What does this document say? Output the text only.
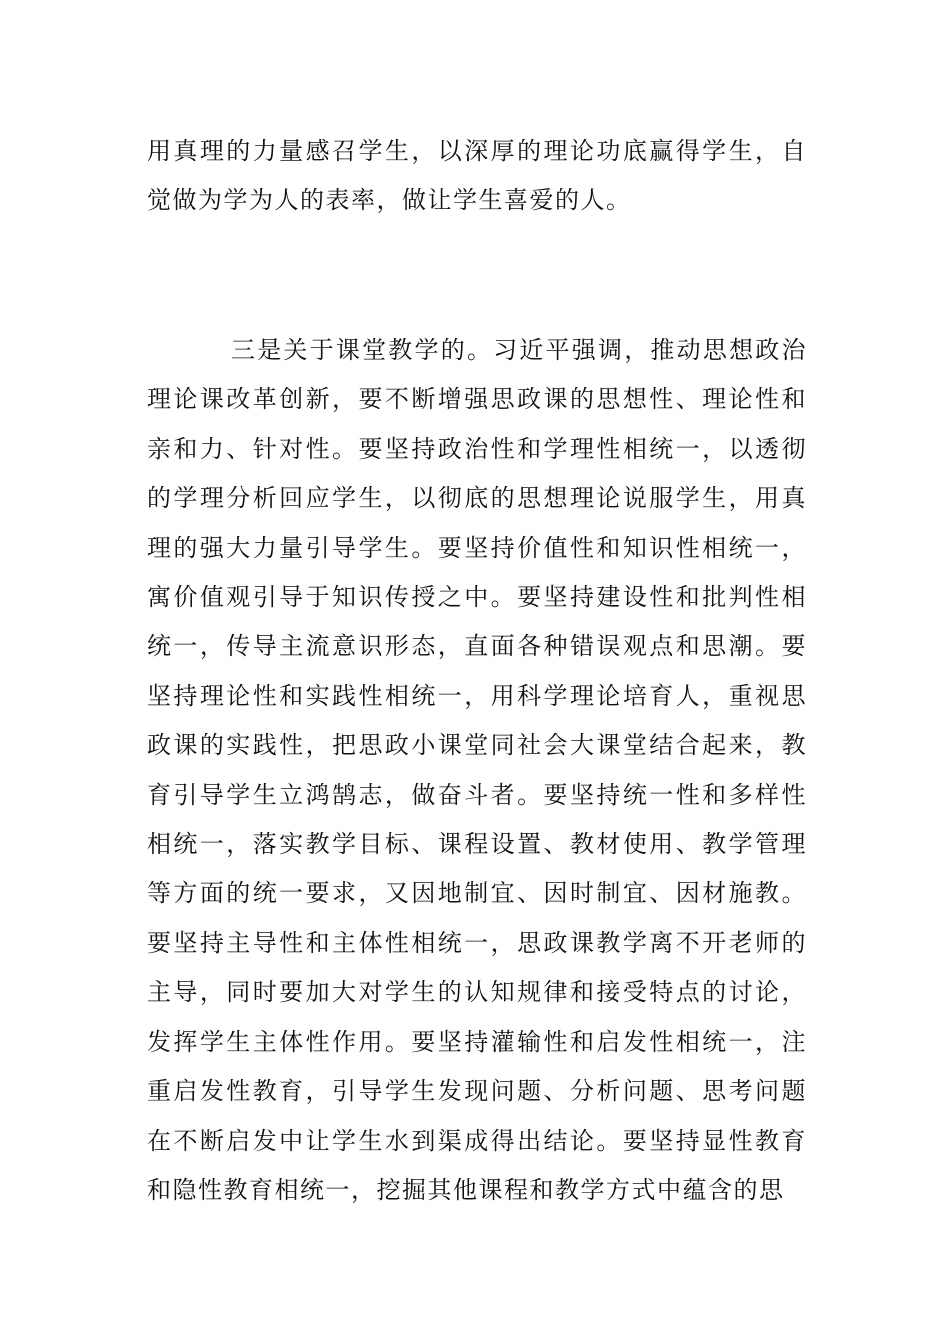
用真理的力量感召学生，以深厚的理论功底赢得学生，自觉做为学为人的表率，做让学生喜爱的人。

三是关于课堂教学的。习近平强调，推动思想政治理论课改革创新，要不断增强思政课的思想性、理论性和亲和力、针对性。要坚持政治性和学理性相统一，以透彻的学理分析回应学生，以彻底的思想理论说服学生，用真理的强大力量引导学生。要坚持价值性和知识性相统一，寓价值观引导于知识传授之中。要坚持建设性和批判性相统一，传导主流意识形态，直面各种错误观点和思潮。要坚持理论性和实践性相统一，用科学理论培育人，重视思政课的实践性，把思政小课堂同社会大课堂结合起来，教育引导学生立鸿鹄志，做奋斗者。要坚持统一性和多样性相统一，落实教学目标、课程设置、教材使用、教学管理等方面的统一要求，又因地制宜、因时制宜、因材施教。要坚持主导性和主体性相统一，思政课教学离不开老师的主导，同时要加大对学生的认知规律和接受特点的讨论，发挥学生主体性作用。要坚持灌输性和启发性相统一，注重启发性教育，引导学生发现问题、分析问题、思考问题在不断启发中让学生水到渠成得出结论。要坚持显性教育和隐性教育相统一，挖掘其他课程和教学方式中蕴含的思
